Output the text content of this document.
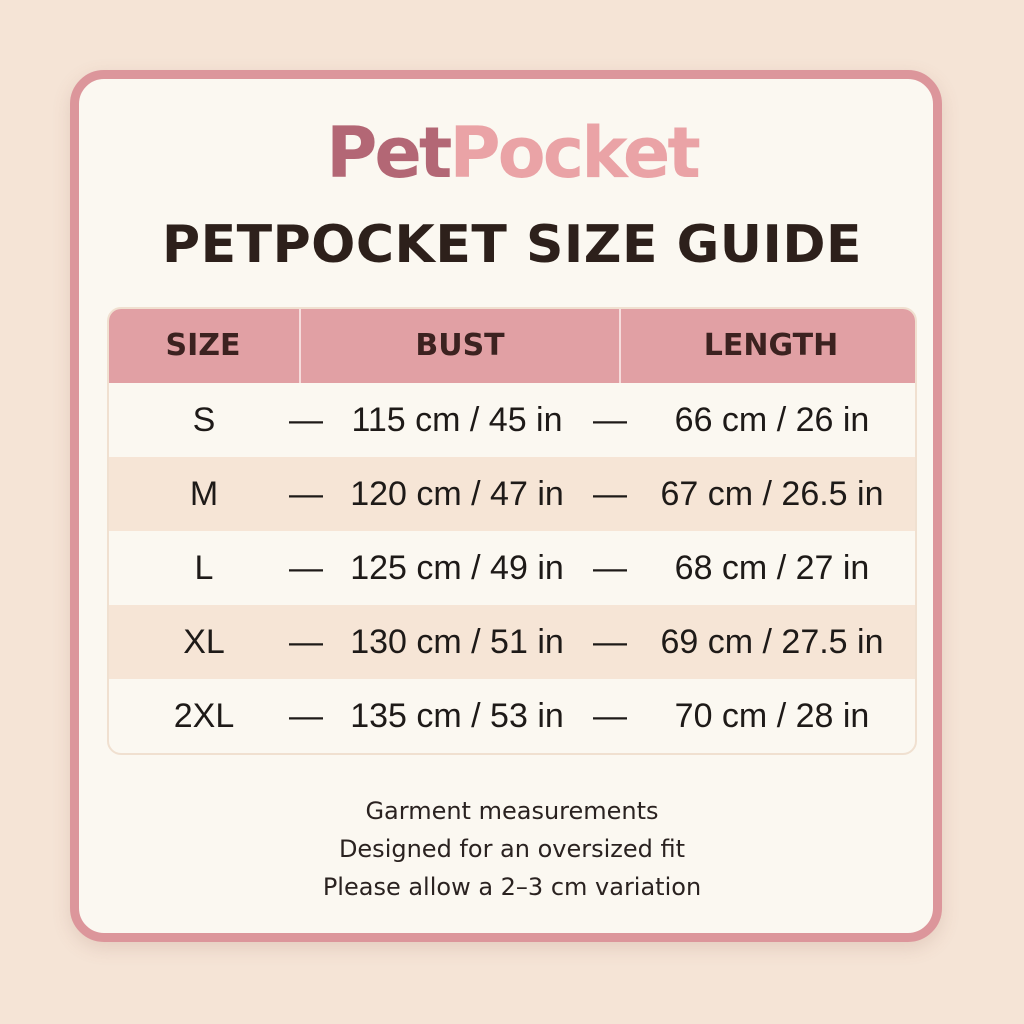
PetPocket
PETPOCKET SIZE GUIDE
SIZE	BUST	LENGTH
S	— 115 cm / 45 in —	66 cm / 26 in
M	— 120 cm / 47 in — 67 cm / 26.5 in
L	— 125 cm / 49 in —	68 cm / 27 in
XL	— 130 cm / 51 in — 69 cm / 27.5 in
2XL	— 135 cm / 53 in —	70 cm / 28 in
Garment measurements
Designed for an oversized fit
Please allow a 2–3 cm variation
